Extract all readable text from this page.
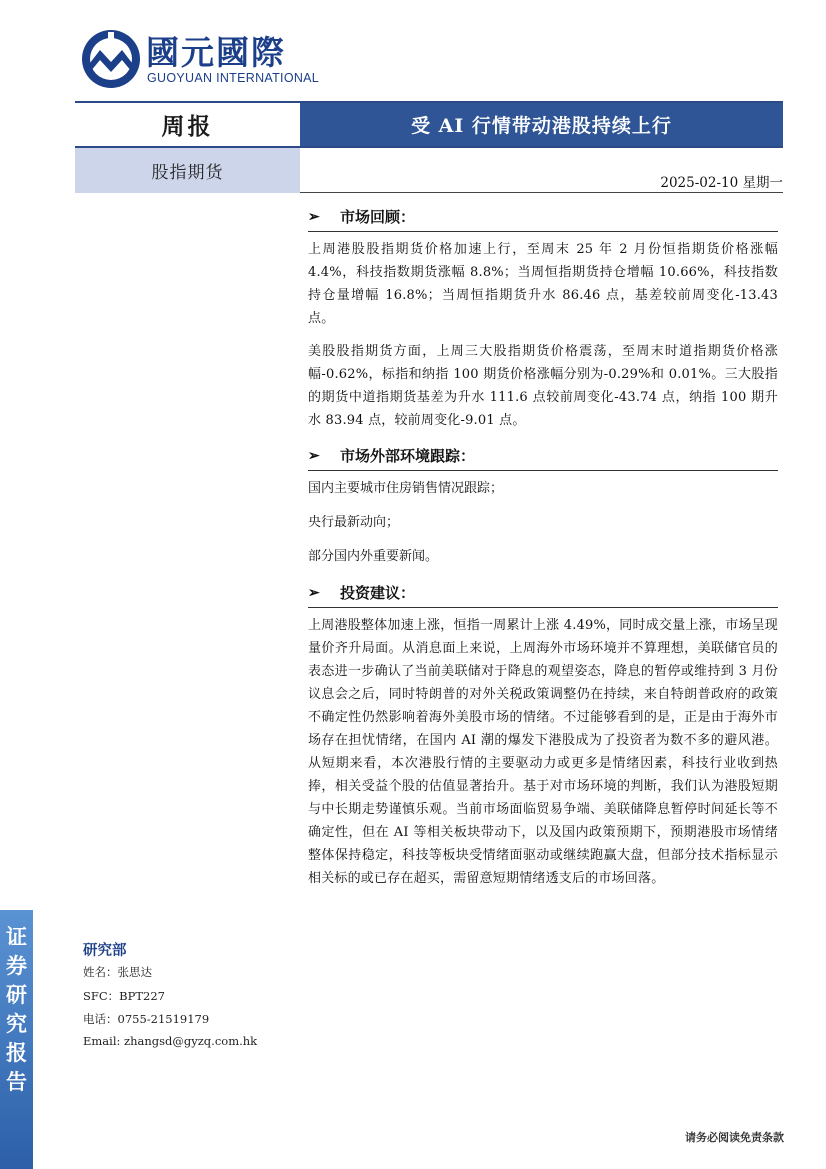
证
券
研
究
报
告
國元國際
GUOYUAN INTERNATIONAL
周报	受 AI 行情带动港股持续上行
股指期货	2025-02-10 星期一
➢	市场回顾：

上周港股股指期货价格加速上行，至周末 25 年 2 月份恒指期货价格涨幅 4.4%，科技指数期货涨幅 8.8%；当周恒指期货持仓增幅 10.66%，科技指数持仓量增幅 16.8%；当周恒指期货升水 86.46 点，基差较前周变化-13.43 点。

美股股指期货方面，上周三大股指期货价格震荡，至周末时道指期货价格涨幅-0.62%，标指和纳指 100 期货价格涨幅分别为-0.29%和 0.01%。三大股指的期货中道指期货基差为升水 111.6 点较前周变化-43.74 点，纳指 100 期升水 83.94 点，较前周变化-9.01 点。

➢	市场外部环境跟踪：
国内主要城市住房销售情况跟踪；
央行最新动向；
部分国内外重要新闻。
➢	投资建议：

上周港股整体加速上涨，恒指一周累计上涨 4.49%，同时成交量上涨，市场呈现量价齐升局面。从消息面上来说，上周海外市场环境并不算理想，美联储官员的表态进一步确认了当前美联储对于降息的观望姿态，降息的暂停或维持到 3 月份议息会之后，同时特朗普的对外关税政策调整仍在持续，来自特朗普政府的政策不确定性仍然影响着海外美股市场的情绪。不过能够看到的是，正是由于海外市场存在担忧情绪，在国内 AI 潮的爆发下港股成为了投资者为数不多的避风港。从短期来看，本次港股行情的主要驱动力或更多是情绪因素，科技行业收到热捧，相关受益个股的估值显著抬升。基于对市场环境的判断，我们认为港股短期与中长期走势谨慎乐观。当前市场面临贸易争端、美联储降息暂停时间延长等不确定性，但在 AI 等相关板块带动下，以及国内政策预期下，预期港股市场情绪整体保持稳定，科技等板块受情绪面驱动或继续跑赢大盘，但部分技术指标显示相关标的或已存在超买，需留意短期情绪透支后的市场回落。

研究部
姓名：张思达
SFC：BPT227
电话：0755-21519179
Email: zhangsd@gyzq.com.hk
请务必阅读免责条款
